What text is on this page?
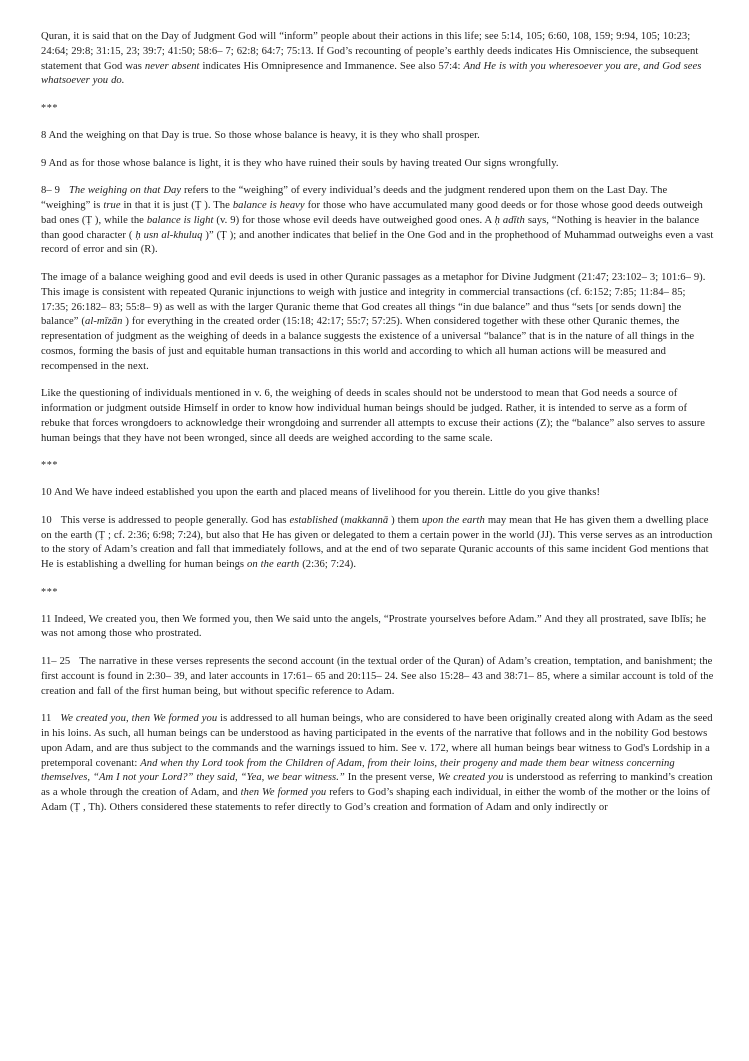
Quran, it is said that on the Day of Judgment God will “inform” people about their actions in this life; see 5:14, 105; 6:60, 108, 159; 9:94, 105; 10:23; 24:64; 29:8; 31:15, 23; 39:7; 41:50; 58:6– 7; 62:8; 64:7; 75:13. If God’s recounting of people’s earthly deeds indicates His Omniscience, the subsequent statement that God was never absent indicates His Omnipresence and Immanence. See also 57:4: And He is with you wheresoever you are, and God sees whatsoever you do.

***

8 And the weighing on that Day is true. So those whose balance is heavy, it is they who shall prosper.

9 And as for those whose balance is light, it is they who have ruined their souls by having treated Our signs wrongfully.

8– 9 The weighing on that Day refers to the “weighing” of every individual’s deeds and the judgment rendered upon them on the Last Day. The “weighing” is true in that it is just (Ṭ ). The balance is heavy for those who have accumulated many good deeds or for those whose good deeds outweigh bad ones (Ṭ ), while the balance is light (v. 9) for those whose evil deeds have outweighed good ones. A ḥ adīth says, “Nothing is heavier in the balance than good character ( ḥ usn al-khuluq )” (Ṭ ); and another indicates that belief in the One God and in the prophethood of Muhammad outweighs even a vast record of error and sin (R).

The image of a balance weighing good and evil deeds is used in other Quranic passages as a metaphor for Divine Judgment (21:47; 23:102– 3; 101:6– 9). This image is consistent with repeated Quranic injunctions to weigh with justice and integrity in commercial transactions (cf. 6:152; 7:85; 11:84– 85; 17:35; 26:182– 83; 55:8– 9) as well as with the larger Quranic theme that God creates all things “in due balance” and thus “sets [or sends down] the balance” (al-mīzān ) for everything in the created order (15:18; 42:17; 55:7; 57:25). When considered together with these other Quranic themes, the representation of judgment as the weighing of deeds in a balance suggests the existence of a universal “balance” that is in the nature of all things in the cosmos, forming the basis of just and equitable human transactions in this world and according to which all human actions will be measured and recompensed in the next.

Like the questioning of individuals mentioned in v. 6, the weighing of deeds in scales should not be understood to mean that God needs a source of information or judgment outside Himself in order to know how individual human beings should be judged. Rather, it is intended to serve as a form of rebuke that forces wrongdoers to acknowledge their wrongdoing and surrender all attempts to excuse their actions (Z); the “balance” also serves to assure human beings that they have not been wronged, since all deeds are weighed according to the same scale.

***

10 And We have indeed established you upon the earth and placed means of livelihood for you therein. Little do you give thanks!

10 This verse is addressed to people generally. God has established (makkannā ) them upon the earth may mean that He has given them a dwelling place on the earth (Ṭ ; cf. 2:36; 6:98; 7:24), but also that He has given or delegated to them a certain power in the world (JJ). This verse serves as an introduction to the story of Adam’s creation and fall that immediately follows, and at the end of two separate Quranic accounts of this same incident God mentions that He is establishing a dwelling for human beings on the earth (2:36; 7:24).

***

11 Indeed, We created you, then We formed you, then We said unto the angels, “Prostrate yourselves before Adam.” And they all prostrated, save Iblīs; he was not among those who prostrated.

11– 25 The narrative in these verses represents the second account (in the textual order of the Quran) of Adam’s creation, temptation, and banishment; the first account is found in 2:30– 39, and later accounts in 17:61– 65 and 20:115– 24. See also 15:28– 43 and 38:71– 85, where a similar account is told of the creation and fall of the first human being, but without specific reference to Adam.

11 We created you, then We formed you is addressed to all human beings, who are considered to have been originally created along with Adam as the seed in his loins. As such, all human beings can be understood as having participated in the events of the narrative that follows and in the nobility God bestows upon Adam, and are thus subject to the commands and the warnings issued to him. See v. 172, where all human beings bear witness to God's Lordship in a pretemporal covenant: And when thy Lord took from the Children of Adam, from their loins, their progeny and made them bear witness concerning themselves, “Am I not your Lord?” they said, “Yea, we bear witness.” In the present verse, We created you is understood as referring to mankind’s creation as a whole through the creation of Adam, and then We formed you refers to God’s shaping each individual, in either the womb of the mother or the loins of Adam (Ṭ , Th). Others considered these statements to refer directly to God’s creation and formation of Adam and only indirectly or
